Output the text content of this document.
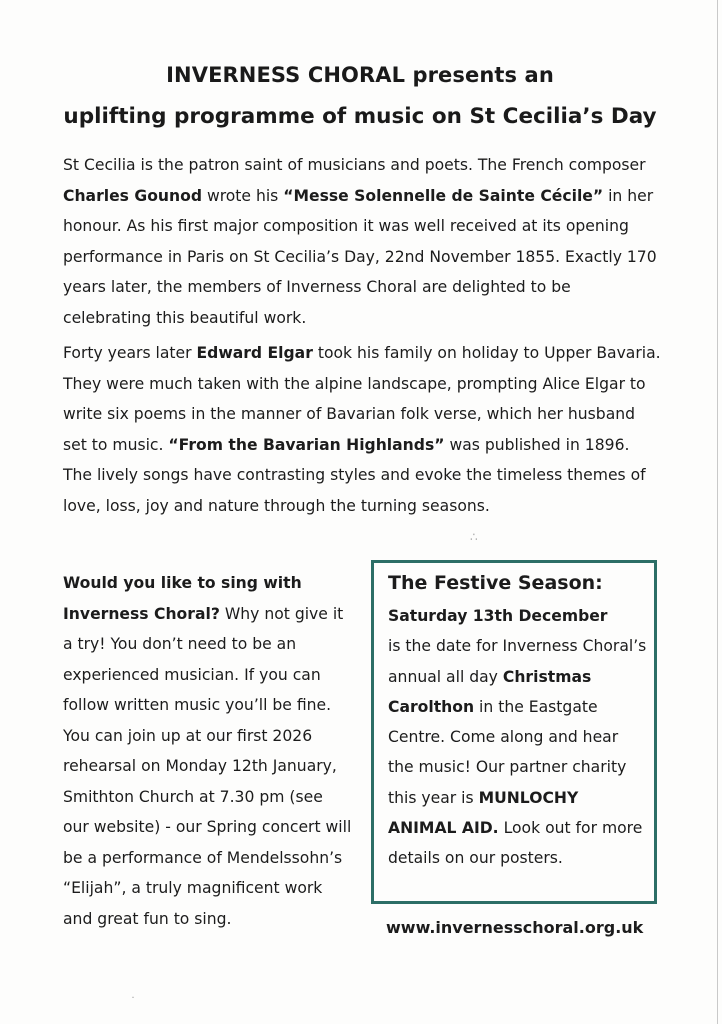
INVERNESS CHORAL presents an
uplifting programme of music on St Cecilia’s Day

St Cecilia is the patron saint of musicians and poets. The French composer Charles Gounod wrote his “Messe Solennelle de Sainte Cécile” in her honour. As his first major composition it was well received at its opening performance in Paris on St Cecilia’s Day, 22nd November 1855. Exactly 170 years later, the members of Inverness Choral are delighted to be celebrating this beautiful work.

Forty years later Edward Elgar took his family on holiday to Upper Bavaria. They were much taken with the alpine landscape, prompting Alice Elgar to write six poems in the manner of Bavarian folk verse, which her husband set to music. “From the Bavarian Highlands” was published in 1896. The lively songs have contrasting styles and evoke the timeless themes of love, loss, joy and nature through the turning seasons.

∴

Would you like to sing with Inverness Choral? Why not give it a try! You don’t need to be an experienced musician. If you can follow written music you’ll be fine. You can join up at our first 2026 rehearsal on Monday 12th January, Smithton Church at 7.30 pm (see our website) - our Spring concert will be a performance of Mendelssohn’s “Elijah”, a truly magnificent work and great fun to sing.

The Festive Season:

Saturday 13th December
is the date for Inverness Choral’s annual all day Christmas Carolthon in the Eastgate Centre. Come along and hear the music! Our partner charity this year is MUNLOCHY ANIMAL AID. Look out for more details on our posters.

www.invernesschoral.org.uk
˙
